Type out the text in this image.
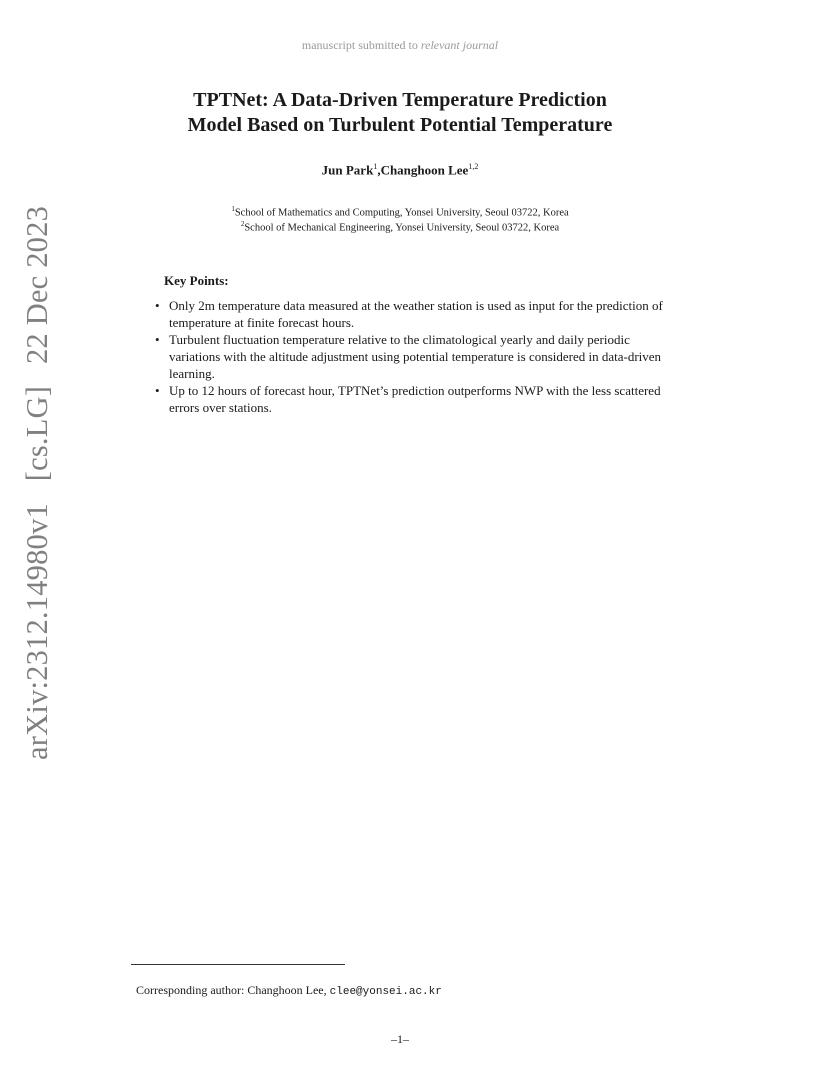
manuscript submitted to relevant journal
arXiv:2312.14980v1 [cs.LG] 22 Dec 2023
TPTNet: A Data-Driven Temperature Prediction
Model Based on Turbulent Potential Temperature
Jun Park$^1$,Changhoon Lee$^{1,2}$
$^1$School of Mathematics and Computing, Yonsei University, Seoul 03722, Korea
$^2$School of Mechanical Engineering, Yonsei University, Seoul 03722, Korea
Key Points:
• Only 2m temperature data measured at the weather station is used as input for the prediction of temperature at finite forecast hours.
• Turbulent fluctuation temperature relative to the climatological yearly and daily periodic variations with the altitude adjustment using potential temperature is considered in data-driven learning.
• Up to 12 hours of forecast hour, TPTNet’s prediction outperforms NWP with the less scattered errors over stations.
Corresponding author: Changhoon Lee, clee@yonsei.ac.kr
–1–
